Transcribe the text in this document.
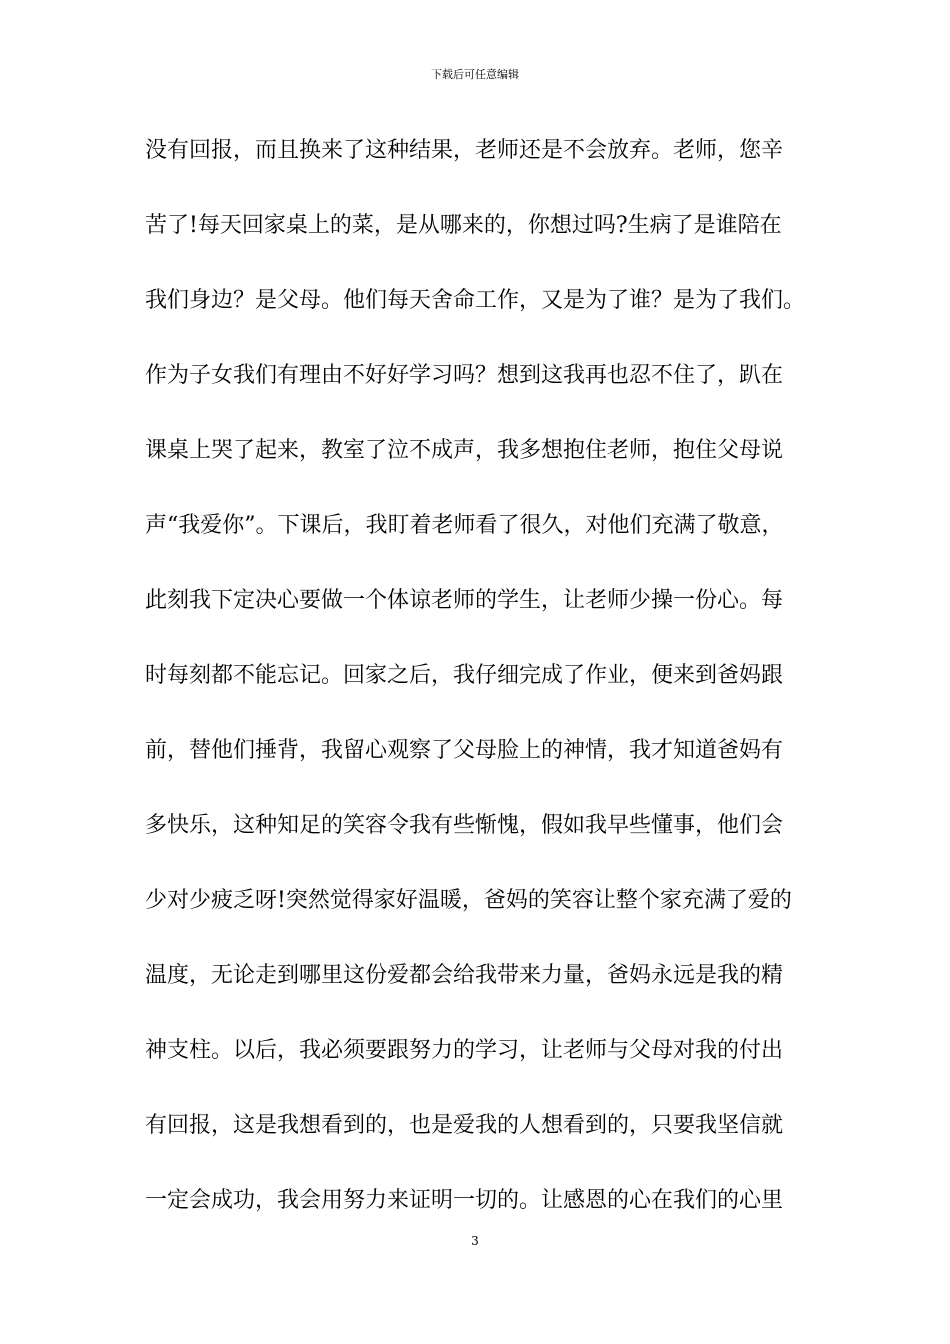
下载后可任意编辑
没有回报，而且换来了这种结果，老师还是不会放弃。老师，您辛
苦了!每天回家桌上的菜，是从哪来的，你想过吗?生病了是谁陪在
我们身边？是父母。他们每天舍命工作，又是为了谁？是为了我们。
作为子女我们有理由不好好学习吗？想到这我再也忍不住了，趴在
课桌上哭了起来，教室了泣不成声，我多想抱住老师，抱住父母说
声“我爱你”。下课后，我盯着老师看了很久，对他们充满了敬意，
此刻我下定决心要做一个体谅老师的学生，让老师少操一份心。每
时每刻都不能忘记。回家之后，我仔细完成了作业，便来到爸妈跟
前，替他们捶背，我留心观察了父母脸上的神情，我才知道爸妈有
多快乐，这种知足的笑容令我有些惭愧，假如我早些懂事，他们会
少对少疲乏呀!突然觉得家好温暖，爸妈的笑容让整个家充满了爱的
温度，无论走到哪里这份爱都会给我带来力量，爸妈永远是我的精
神支柱。以后，我必须要跟努力的学习，让老师与父母对我的付出
有回报，这是我想看到的，也是爱我的人想看到的，只要我坚信就
一定会成功，我会用努力来证明一切的。让感恩的心在我们的心里
3
